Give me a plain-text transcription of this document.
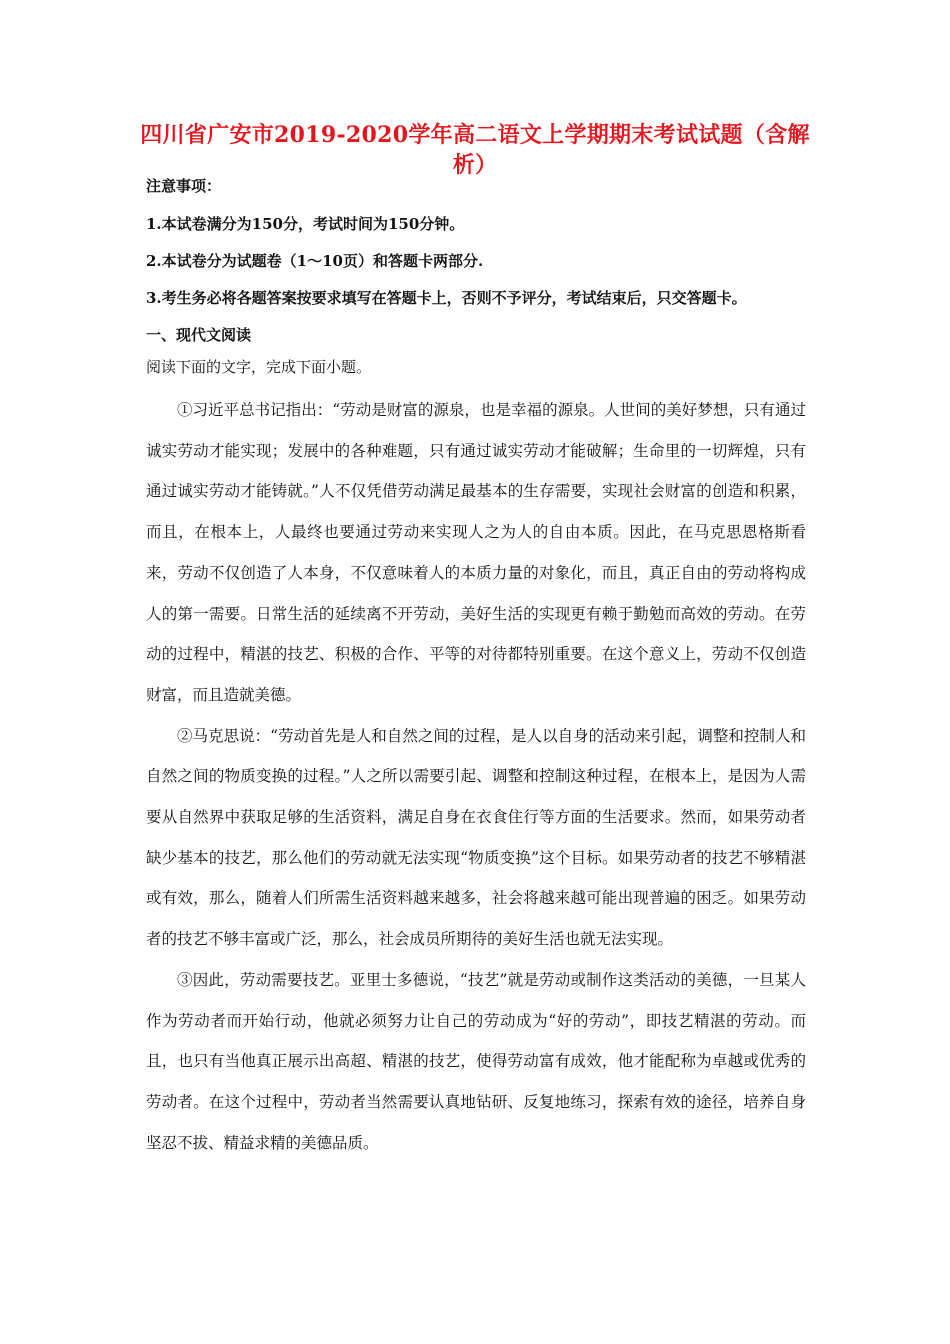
四川省广安市2019-2020学年高二语文上学期期末考试试题（含解析）

注意事项：

1.本试卷满分为150分，考试时间为150分钟。

2.本试卷分为试题卷（1～10页）和答题卡两部分.

3.考生务必将各题答案按要求填写在答题卡上，否则不予评分，考试结束后，只交答题卡。

一、现代文阅读

阅读下面的文字，完成下面小题。

①习近平总书记指出：“劳动是财富的源泉，也是幸福的源泉。人世间的美好梦想，只有通过诚实劳动才能实现；发展中的各种难题，只有通过诚实劳动才能破解；生命里的一切辉煌，只有通过诚实劳动才能铸就。”人不仅凭借劳动满足最基本的生存需要，实现社会财富的创造和积累，而且，在根本上，人最终也要通过劳动来实现人之为人的自由本质。因此，在马克思恩格斯看来，劳动不仅创造了人本身，不仅意味着人的本质力量的对象化，而且，真正自由的劳动将构成人的第一需要。日常生活的延续离不开劳动，美好生活的实现更有赖于勤勉而高效的劳动。在劳动的过程中，精湛的技艺、积极的合作、平等的对待都特别重要。在这个意义上，劳动不仅创造财富，而且造就美德。

②马克思说：“劳动首先是人和自然之间的过程，是人以自身的活动来引起，调整和控制人和自然之间的物质变换的过程。”人之所以需要引起、调整和控制这种过程，在根本上，是因为人需要从自然界中获取足够的生活资料，满足自身在衣食住行等方面的生活要求。然而，如果劳动者缺少基本的技艺，那么他们的劳动就无法实现“物质变换”这个目标。如果劳动者的技艺不够精湛或有效，那么，随着人们所需生活资料越来越多，社会将越来越可能出现普遍的困乏。如果劳动者的技艺不够丰富或广泛，那么，社会成员所期待的美好生活也就无法实现。

③因此，劳动需要技艺。亚里士多德说，“技艺”就是劳动或制作这类活动的美德，一旦某人作为劳动者而开始行动，他就必须努力让自己的劳动成为“好的劳动”，即技艺精湛的劳动。而且，也只有当他真正展示出高超、精湛的技艺，使得劳动富有成效，他才能配称为卓越或优秀的劳动者。在这个过程中，劳动者当然需要认真地钻研、反复地练习，探索有效的途径，培养自身坚忍不拔、精益求精的美德品质。
